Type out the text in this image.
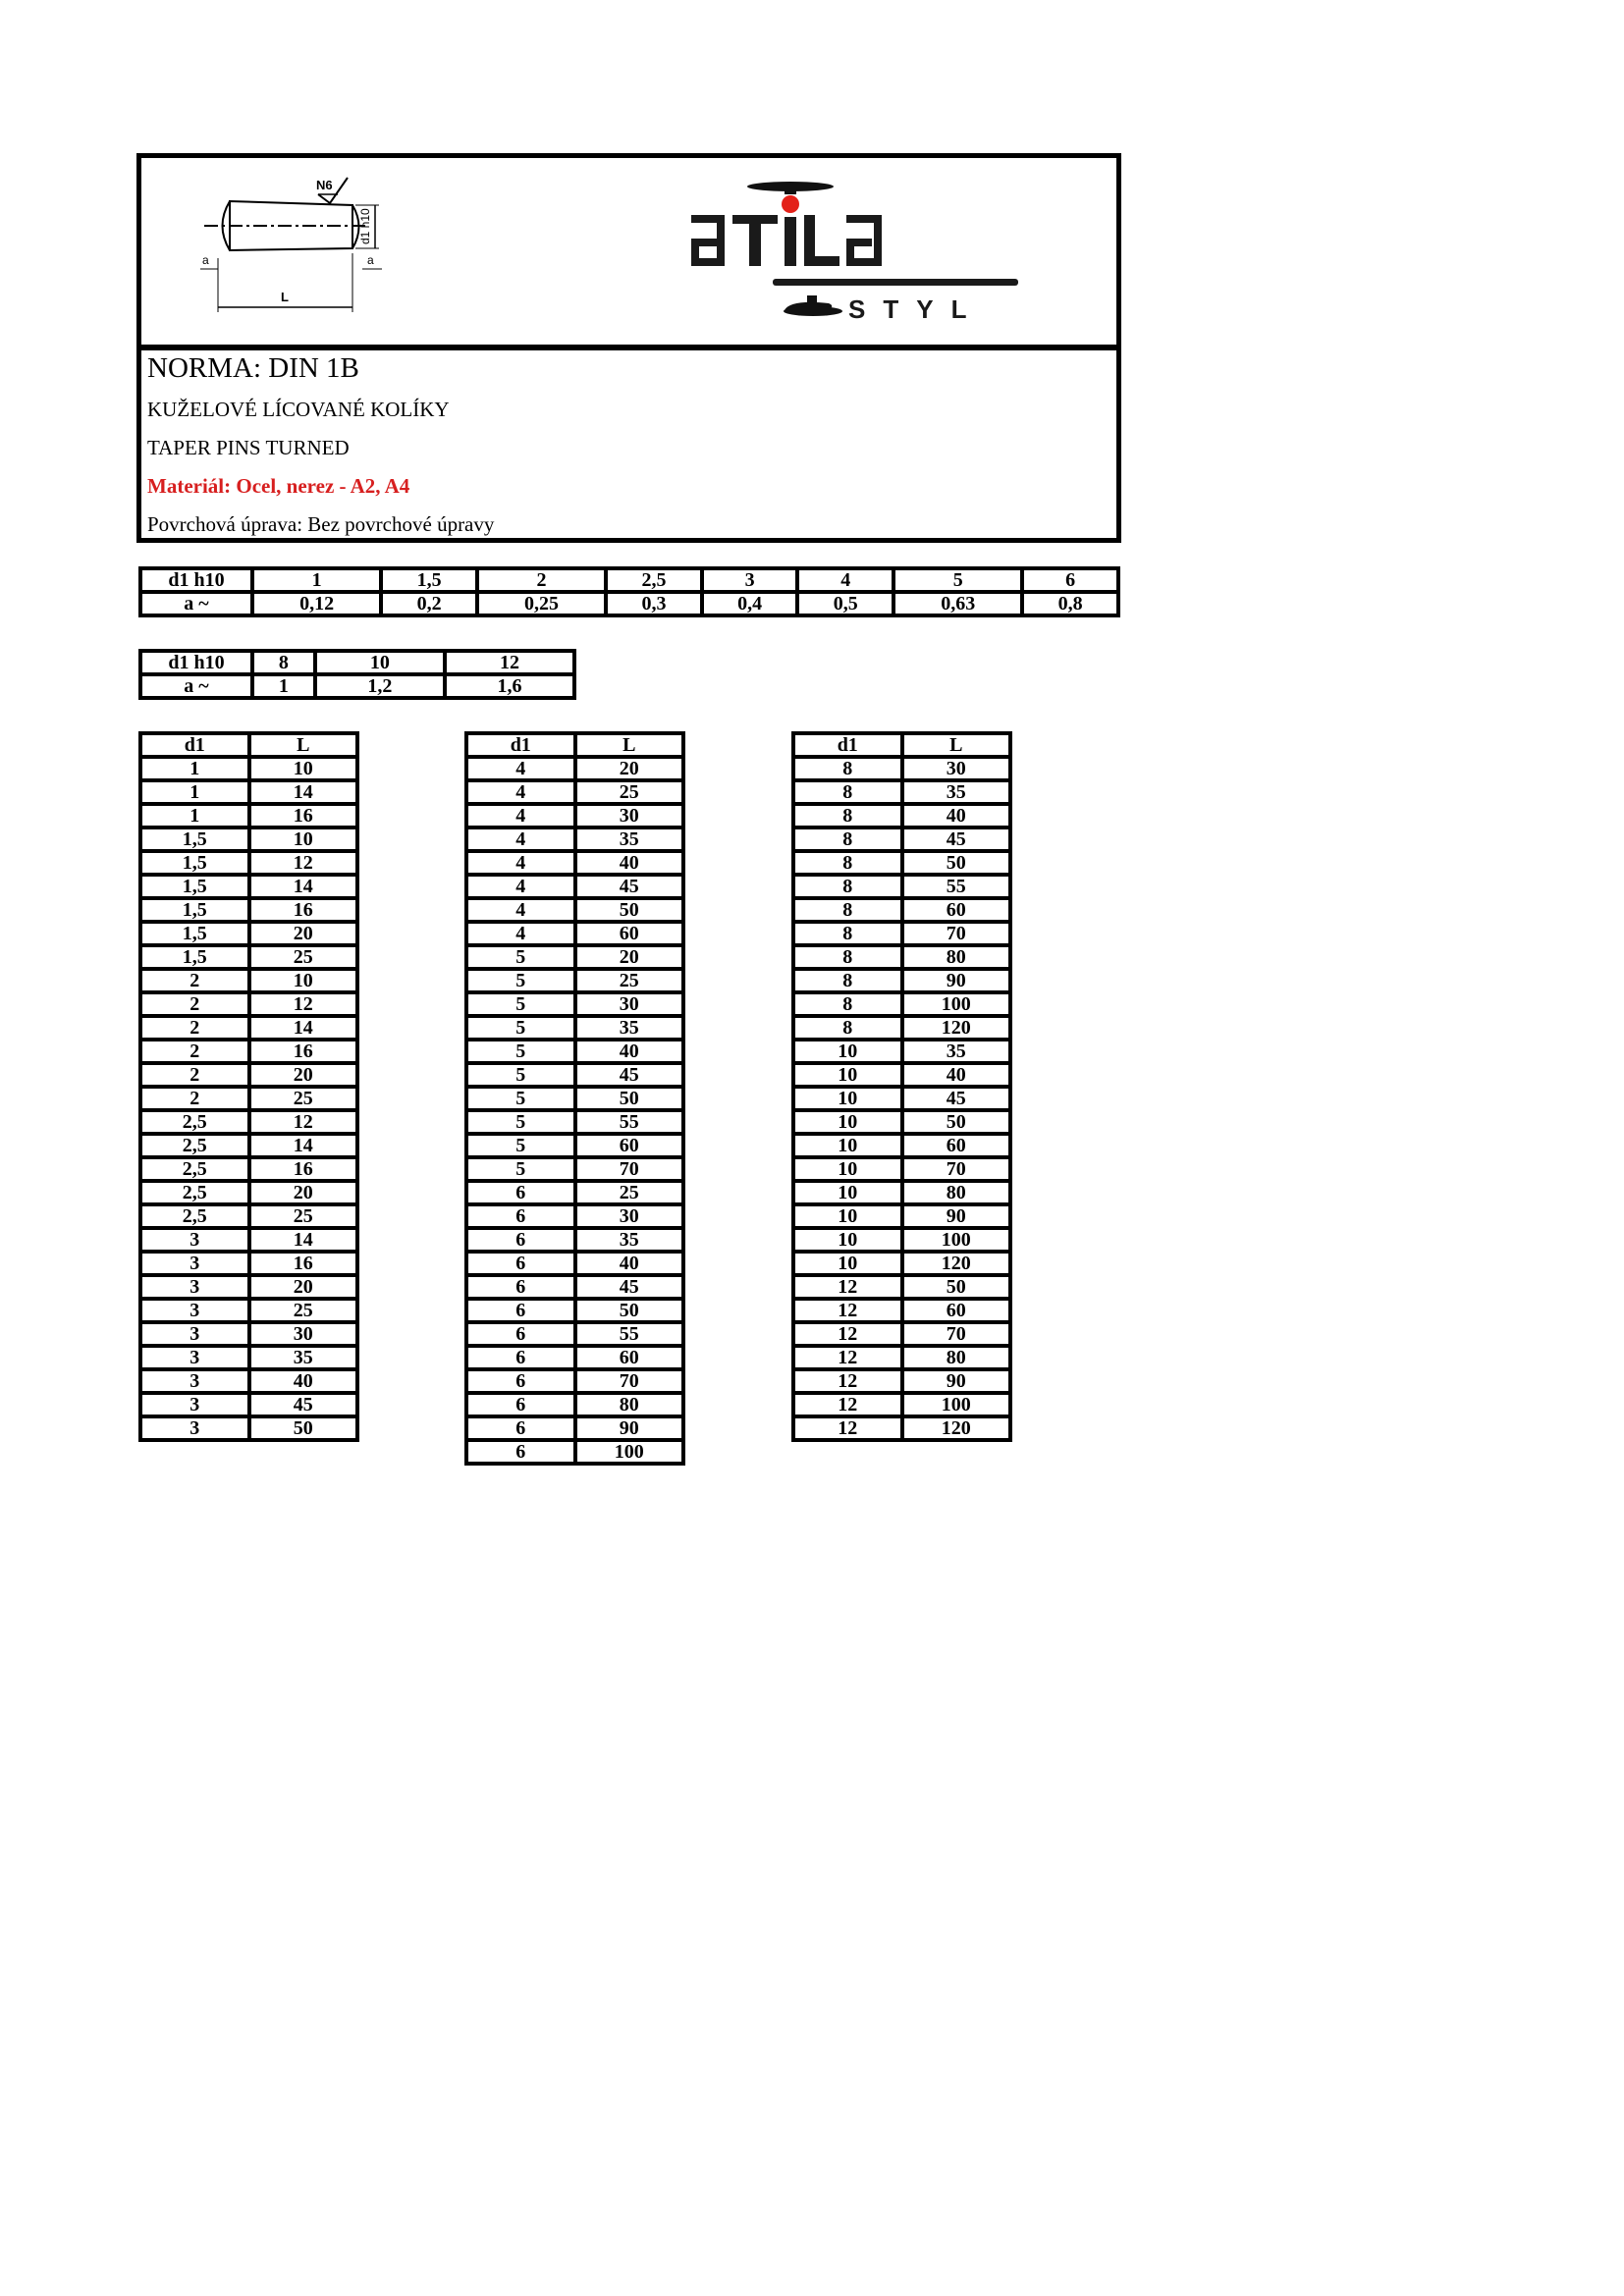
N6
d1 h10
a	a
L	STYL
NORMA: DIN 1B
KUŽELOVÉ LÍCOVANÉ KOLÍKY
TAPER PINS TURNED
Materiál: Ocel, nerez - A2, A4
Povrchová úprava: Bez povrchové úpravy
d1 h10	1	1,5	2	2,5	3	4	5	6
a ~	0,12	0,2	0,25	0,3	0,4	0,5	0,63	0,8
d1 h10	8	10	12
a ~	1	1,2	1,6
d1	L
1	10
1	14
1	16
1,5	10
1,5	12
1,5	14
1,5	16
1,5	20
1,5	25
2	10
2	12
2	14
2	16
2	20
2	25
2,5	12
2,5	14
2,5	16
2,5	20
2,5	25
3	14
3	16
3	20
3	25
3	30
3	35
3	40
3	45
3	50
d1	L
4	20
4	25
4	30
4	35
4	40
4	45
4	50
4	60
5	20
5	25
5	30
5	35
5	40
5	45
5	50
5	55
5	60
5	70
6	25
6	30
6	35
6	40
6	45
6	50
6	55
6	60
6	70
6	80
6	90
6	100
d1	L
8	30
8	35
8	40
8	45
8	50
8	55
8	60
8	70
8	80
8	90
8	100
8	120
10	35
10	40
10	45
10	50
10	60
10	70
10	80
10	90
10	100
10	120
12	50
12	60
12	70
12	80
12	90
12	100
12	120
